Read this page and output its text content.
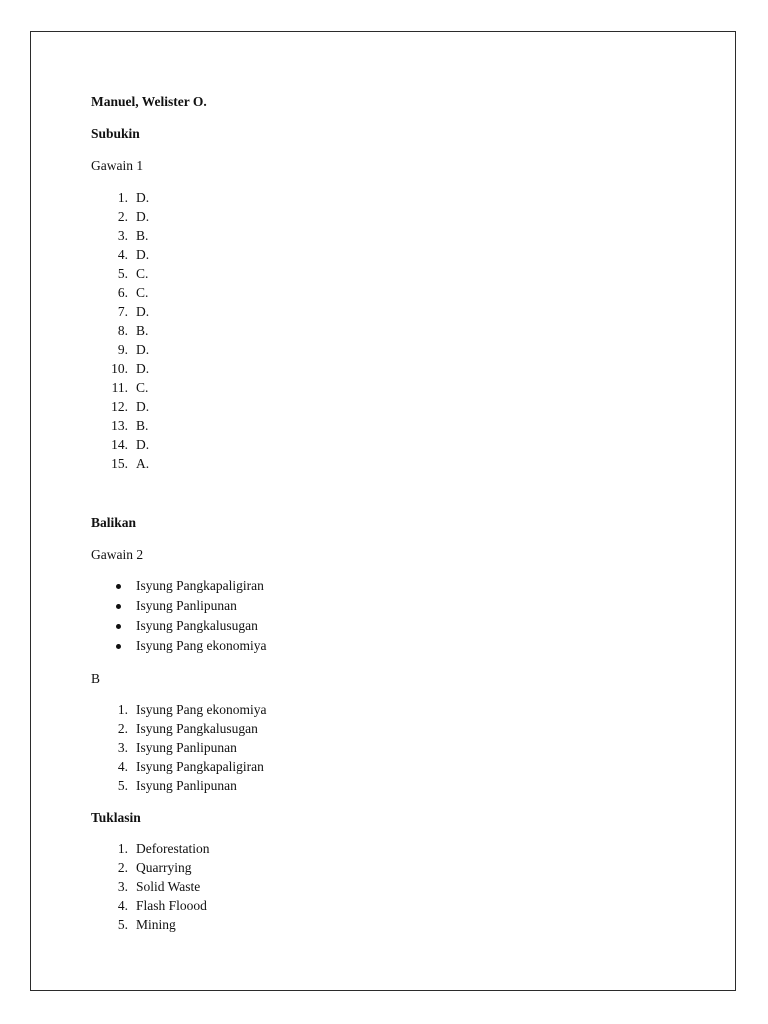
Manuel, Welister O.

Subukin

Gawain 1

1. D.
2. D.
3. B.
4. D.
5. C.
6. C.
7. D.
8. B.
9. D.
10. D.
11. C.
12. D.
13. B.
14. D.
15. A.

Balikan

Gawain 2

Isyung Pangkapaligiran
Isyung Panlipunan
Isyung Pangkalusugan
Isyung Pang ekonomiya

B

1. Isyung Pang ekonomiya
2. Isyung Pangkalusugan
3. Isyung Panlipunan
4. Isyung Pangkapaligiran
5. Isyung Panlipunan

Tuklasin

1. Deforestation
2. Quarrying
3. Solid Waste
4. Flash Floood
5. Mining
